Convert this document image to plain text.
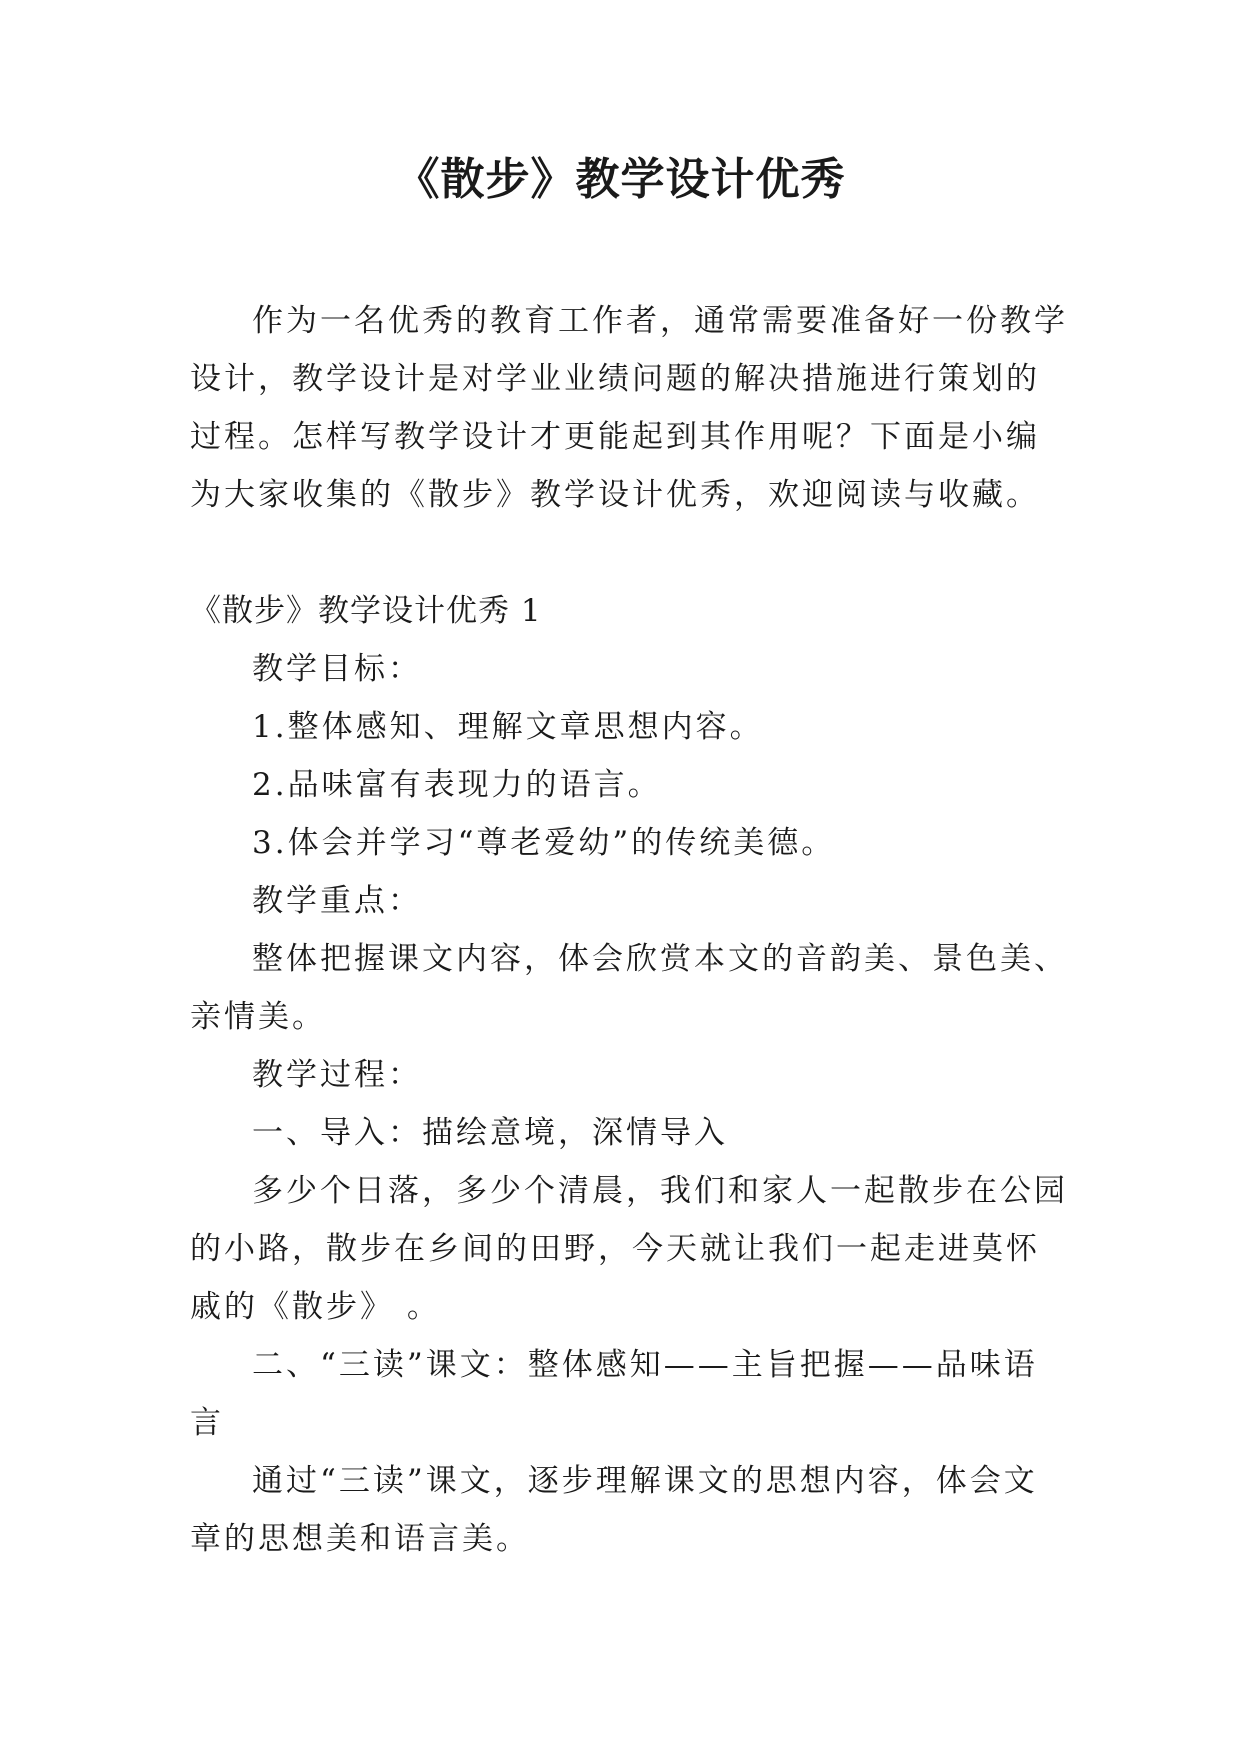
《散步》教学设计优秀

作为一名优秀的教育工作者，通常需要准备好一份教学设计，教学设计是对学业业绩问题的解决措施进行策划的过程。怎样写教学设计才更能起到其作用呢？下面是小编为大家收集的《散步》教学设计优秀，欢迎阅读与收藏。

《散步》教学设计优秀 1

教学目标：

1.整体感知、理解文章思想内容。

2.品味富有表现力的语言。

3.体会并学习“尊老爱幼”的传统美德。

教学重点：

整体把握课文内容，体会欣赏本文的音韵美、景色美、亲情美。

教学过程：

一、导入：描绘意境，深情导入

多少个日落，多少个清晨，我们和家人一起散步在公园的小路，散步在乡间的田野，今天就让我们一起走进莫怀戚的《散步》 。

二、“三读”课文：整体感知——主旨把握——品味语言

通过“三读”课文，逐步理解课文的思想内容，体会文章的思想美和语言美。
